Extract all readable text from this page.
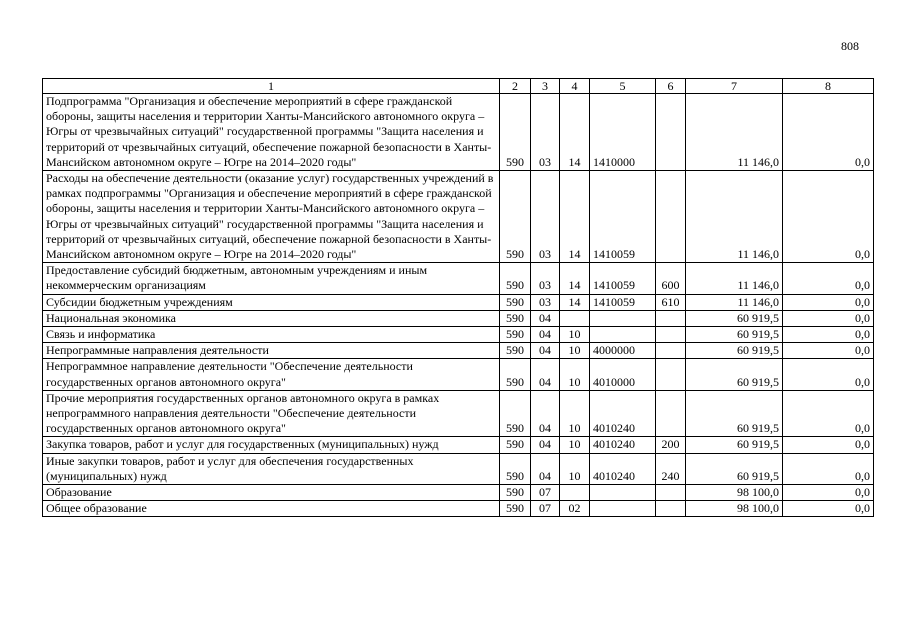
808
1	2	3	4	5	6	7	8
Подпрограмма "Организация и обеспечение мероприятий в сфере гражданской обороны, защиты населения и территории Ханты-Мансийского автономного округа – Югры от чрезвычайных ситуаций" государственной программы "Защита населения и территорий от чрезвычайных ситуаций, обеспечение пожарной безопасности в Ханты-Мансийском автономном округе – Югре на 2014–2020 годы"	590	03	14	1410000		11 146,0	0,0
Расходы на обеспечение деятельности (оказание услуг) государственных учреждений в рамках подпрограммы "Организация и обеспечение мероприятий в сфере гражданской обороны, защиты населения и территории Ханты-Мансийского автономного округа – Югры от чрезвычайных ситуаций" государственной программы "Защита населения и территорий от чрезвычайных ситуаций, обеспечение пожарной безопасности в Ханты-Мансийском автономном округе – Югре на 2014–2020 годы"	590	03	14	1410059		11 146,0	0,0
Предоставление субсидий бюджетным, автономным учреждениям и иным некоммерческим организациям	590	03	14	1410059	600	11 146,0	0,0
Субсидии бюджетным учреждениям	590	03	14	1410059	610	11 146,0	0,0
Национальная экономика	590	04				60 919,5	0,0
Связь и информатика	590	04	10			60 919,5	0,0
Непрограммные направления деятельности	590	04	10	4000000		60 919,5	0,0
Непрограммное направление деятельности "Обеспечение деятельности государственных органов автономного округа"	590	04	10	4010000		60 919,5	0,0
Прочие мероприятия государственных органов автономного округа в рамках непрограммного направления деятельности "Обеспечение деятельности государственных органов автономного округа"	590	04	10	4010240		60 919,5	0,0
Закупка товаров, работ и услуг для государственных (муниципальных) нужд	590	04	10	4010240	200	60 919,5	0,0
Иные закупки товаров, работ и услуг для обеспечения государственных (муниципальных) нужд	590	04	10	4010240	240	60 919,5	0,0
Образование	590	07				98 100,0	0,0
Общее образование	590	07	02			98 100,0	0,0
